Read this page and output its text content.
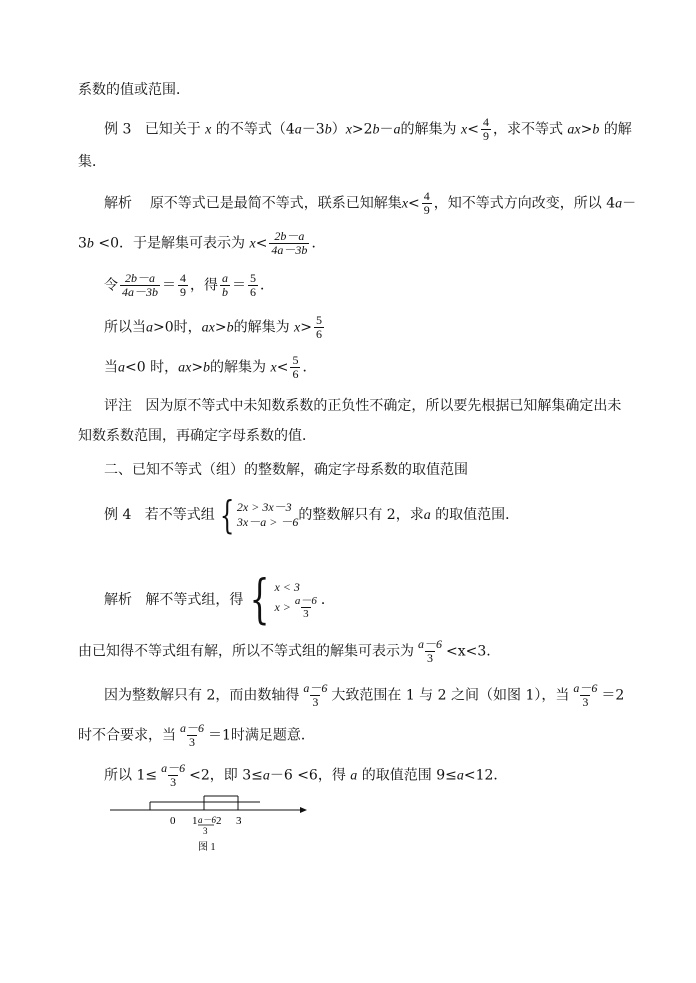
系数的值或范围．
例 3 已知关于 x 的不等式（4a－3b）x>2b－a的解集为 $x< \frac{4}{9}$ ，求不等式 ax>b 的解
集．
解析 原不等式已是最简不等式，联系已知解集$x< \frac{4}{9}$ ，知不等式方向改变，所以 4a－
3b <0．于是解集可表示为 $x< \frac{2b-a}{4a-3b}$ ．
令 $\frac{2b-a}{4a-3b} = \frac{4}{9}$ ，得 $\frac{a}{b} = \frac{5}{6}$ ．
所以当a>0时，ax>b的解集为 $x> \frac{5}{6}$
当a<0 时，ax>b的解集为 $x< \frac{5}{6}$ ．
评注 因为原不等式中未知数系数的正负性不确定，所以要先根据已知解集确定出未
知数系数范围，再确定字母系数的值．
二、已知不等式（组）的整数解，确定字母系数的取值范围
例 4 若不等式组 { 2x > 3x－3
3x－a > －6 的整数解只有 2，求a 的取值范围．
解析 解不等式组，得 { x < 3
$x > \frac{a-6}{3}$ ．
由已知得不等式组有解，所以不等式组的解集可表示为 $\frac{a-6}{3} <x<3$.
因为整数解只有 2，而由数轴得 $\frac{a-6}{3}$ 大致范围在 1 与 2 之间（如图 1），当 $\frac{a-6}{3} =2$
时不合要求，当 $\frac{a-6}{3} =1$时满足题意．
所以 $1\le \frac{a-6}{3} <2$，即 3≤a－6 <6，得 a 的取值范围 9≤a<12．
0 1 a－6
3
2 3
图 1
